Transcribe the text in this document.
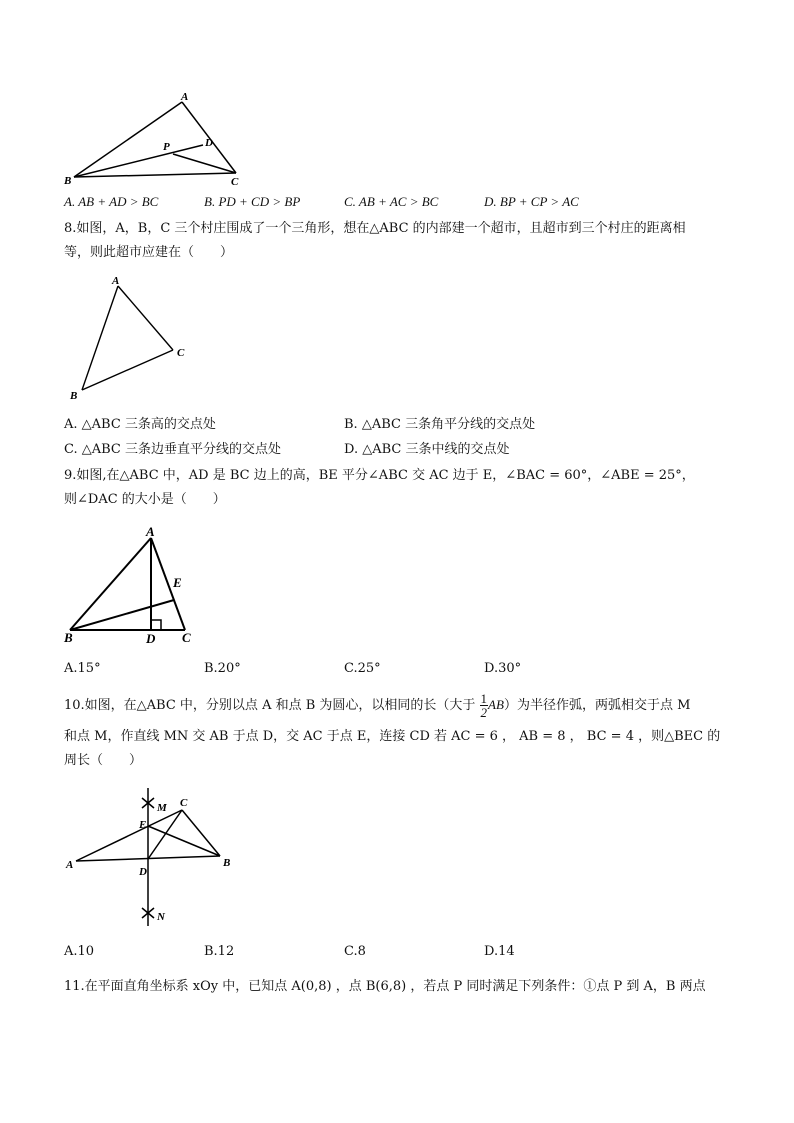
A
B	C
D
P
A. AB + AD > BC	B. PD + CD > BP	C. AB + AC > BC	D. BP + CP > AC
8.如图，A，B，C 三个村庄围成了一个三角形，想在△ABC 的内部建一个超市，且超市到三个村庄的距离相
等，则此超市应建在（　　）
A
B
C
A. △ABC 三条高的交点处	B. △ABC 三条角平分线的交点处
C. △ABC 三条边垂直平分线的交点处	D. △ABC 三条中线的交点处
9.如图,在△ABC 中，AD 是 BC 边上的高，BE 平分∠ABC 交 AC 边于 E，∠BAC = 60°，∠ABE = 25°，
则∠DAC 的大小是（　　）
A
B	C
D
E
A.15°	B.20°	C.25°	D.30°
10.如图，在△ABC 中，分别以点 A 和点 B 为圆心，以相同的长（大于 $\frac{1}{2} AB$）为半径作弧，两弧相交于点 M
和点 M，作直线 MN 交 AB 于点 D，交 AC 于点 E，连接 CD 若 AC = 6 ， AB = 8 ， BC = 4 ，则△BEC 的
周长（　　）
M C
E
A	B
D
N
A.10	B.12	C.8	D.14
11.在平面直角坐标系 xOy 中，已知点 A(0,8) ，点 B(6,8) ，若点 P 同时满足下列条件：①点 P 到 A，B 两点
